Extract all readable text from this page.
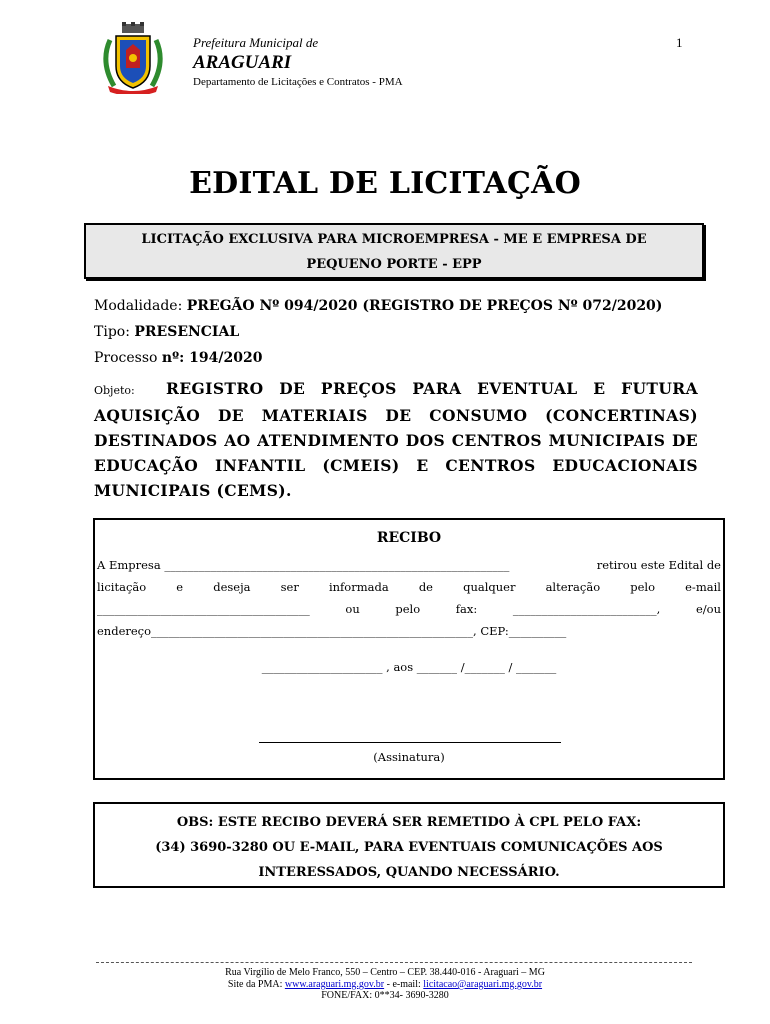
Prefeitura Municipal de
ARAGUARI
Departamento de Licitações e Contratos - PMA
1
EDITAL DE LICITAÇÃO
LICITAÇÃO EXCLUSIVA PARA MICROEMPRESA - ME E EMPRESA DE
PEQUENO PORTE - EPP
Modalidade: PREGÃO Nº 094/2020 (REGISTRO DE PREÇOS Nº 072/2020)
Tipo: PRESENCIAL
Processo nº: 194/2020
Objeto: REGISTRO DE PREÇOS PARA EVENTUAL E FUTURA AQUISIÇÃO DE MATERIAIS DE CONSUMO (CONCERTINAS) DESTINADOS AO ATENDIMENTO DOS CENTROS MUNICIPAIS DE EDUCAÇÃO INFANTIL (CMEIS) E CENTROS EDUCACIONAIS MUNICIPAIS (CEMS).
RECIBO
A Empresa ____________________________________________________________	retirou este Edital de
licitação	e	deseja	ser	informada	de	qualquer	alteração	pelo	e-mail
_____________________________________	ou	pelo	fax:	_________________________,	e/ou
endereço________________________________________________________, CEP:__________
_____________________ , aos _______ /_______ / _______
(Assinatura)
OBS: ESTE RECIBO DEVERÁ SER REMETIDO À CPL PELO FAX:
(34) 3690-3280 OU E-MAIL, PARA EVENTUAIS COMUNICAÇÕES AOS
INTERESSADOS, QUANDO NECESSÁRIO.
Rua Virgílio de Melo Franco, 550 – Centro – CEP. 38.440-016 - Araguari – MG
Site da PMA: www.araguari.mg.gov.br - e-mail: licitacao@araguari.mg.gov.br
FONE/FAX: 0**34- 3690-3280
